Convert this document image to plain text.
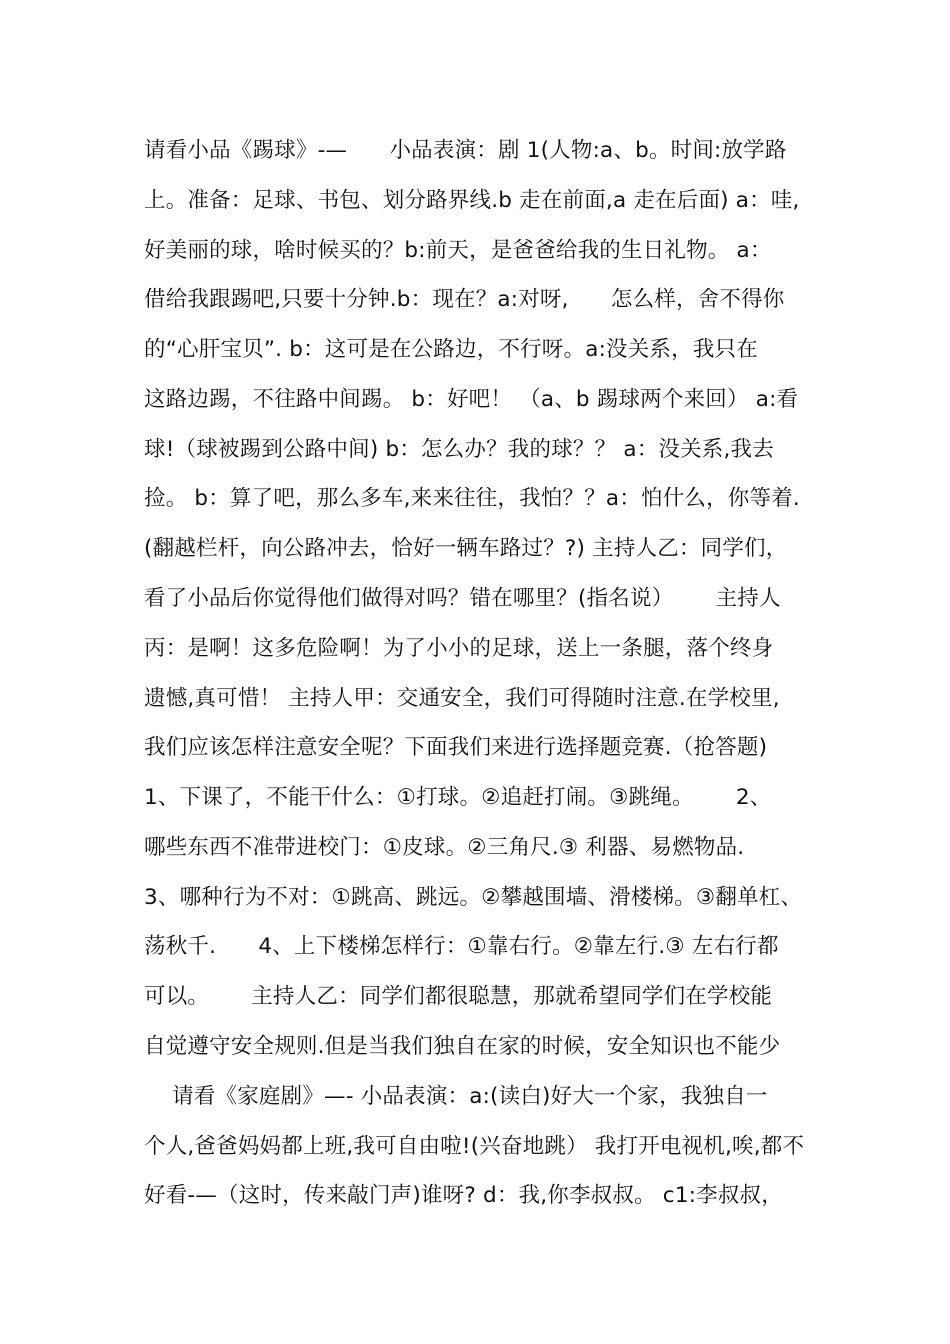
请看小品《踢球》-—      小品表演：剧 1(人物:a、b。时间:放学路
上。准备：足球、书包、划分路界线.b 走在前面,a 走在后面) a：哇,
好美丽的球，啥时候买的？b:前天，是爸爸给我的生日礼物。 a：
借给我跟踢吧,只要十分钟.b：现在？a:对呀,      怎么样，舍不得你
的“心肝宝贝”. b：这可是在公路边，不行呀。a:没关系，我只在
这路边踢，不往路中间踢。 b：好吧！ （a、b 踢球两个来回） a:看
球!（球被踢到公路中间) b：怎么办？我的球？？ a：没关系,我去
捡。 b：算了吧，那么多车,来来往往，我怕？？a：怕什么，你等着.
(翻越栏杆，向公路冲去，恰好一辆车路过？?) 主持人乙：同学们，
看了小品后你觉得他们做得对吗？错在哪里？(指名说）      主持人
丙：是啊！这多危险啊！为了小小的足球，送上一条腿，落个终身
遗憾,真可惜！ 主持人甲：交通安全，我们可得随时注意.在学校里,
我们应该怎样注意安全呢？下面我们来进行选择题竞赛.（抢答题)
1、下课了，不能干什么：①打球。②追赶打闹。③跳绳。      2、
哪些东西不准带进校门：①皮球。②三角尺.③ 利器、易燃物品.
3、哪种行为不对：①跳高、跳远。②攀越围墙、滑楼梯。③翻单杠、
荡秋千.      4、上下楼梯怎样行：①靠右行。②靠左行.③ 左右行都
可以。      主持人乙：同学们都很聪慧，那就希望同学们在学校能
自觉遵守安全规则.但是当我们独自在家的时候，安全知识也不能少
请看《家庭剧》—- 小品表演：a:(读白)好大一个家，我独自一
个人,爸爸妈妈都上班,我可自由啦!(兴奋地跳） 我打开电视机,唉,都不
好看-—（这时，传来敲门声)谁呀? d：我,你李叔叔。 c1:李叔叔，
